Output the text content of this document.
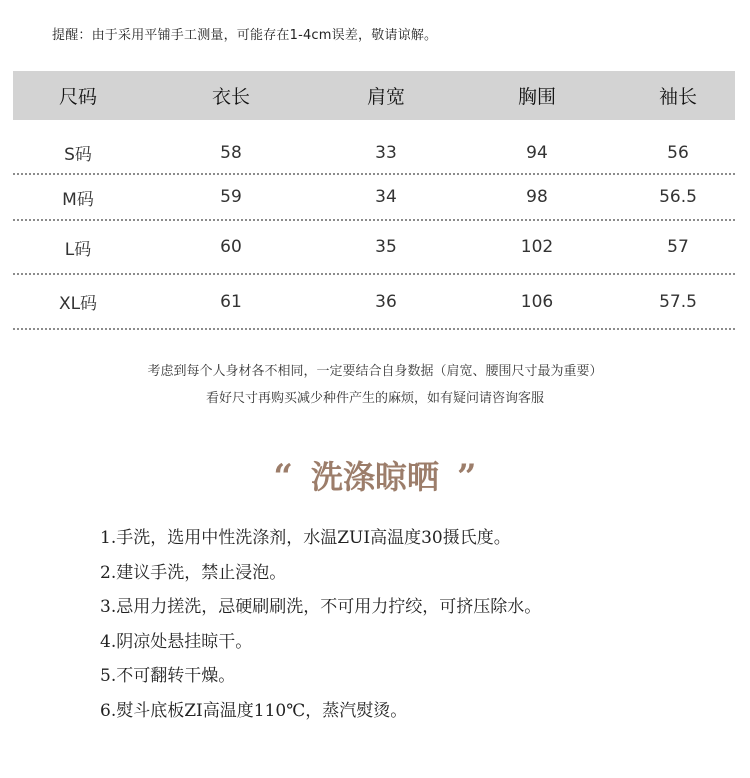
提醒：由于采用平铺手工测量，可能存在1-4cm误差，敬请谅解。
尺码	衣长	肩宽	胸围	袖长
S码	58	33	94	56
M码	59	34	98	56.5
L码	60	35	102	57
XL码	61	36	106	57.5
考虑到每个人身材各不相同，一定要结合自身数据（肩宽、腰围尺寸最为重要）
看好尺寸再购买减少种件产生的麻烦，如有疑问请咨询客服
“ 洗涤晾晒 ”
1.手洗，选用中性洗涤剂，水温ZUI高温度30摄氏度。
2.建议手洗，禁止浸泡。
3.忌用力搓洗，忌硬刷刷洗，不可用力拧绞，可挤压除水。
4.阴凉处悬挂晾干。
5.不可翻转干燥。
6.熨斗底板ZI高温度110℃，蒸汽熨烫。
